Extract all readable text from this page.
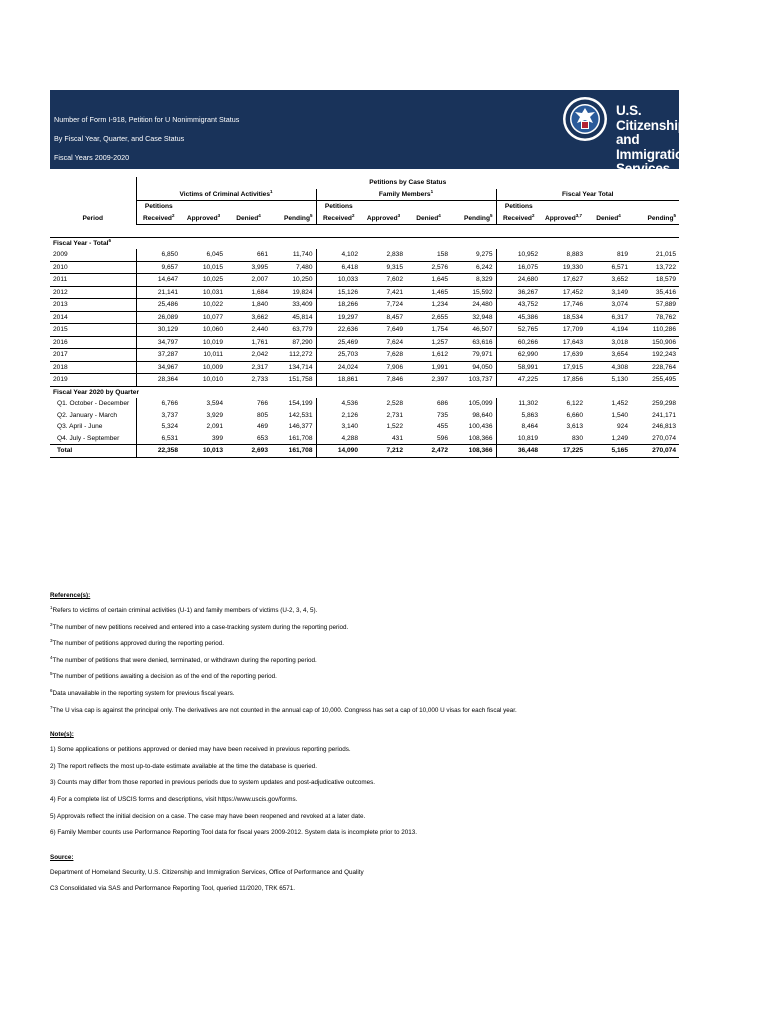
Number of Form I-918, Petition for U Nonimmigrant Status
By Fiscal Year, Quarter, and Case Status
Fiscal Years 2009-2020
U.S. Citizenship
and Immigration
Services
	Petitions by Case Status											
	Victims of Criminal Activities$^1$				Family Members$^1$				Fiscal Year Total			
	Petitions				Petitions				Petitions			
Period	Received$^2$	Approved$^3$	Denied$^4$	Pending$^5$	Received$^2$	Approved$^3$	Denied$^4$	Pending$^5$	Received$^2$	Approved$^{3,7}$	Denied$^4$	Pending$^5$

Fiscal Year - Total$^6$
2009	6,850	6,045	661	11,740	4,102	2,838	158	9,275	10,952	8,883	819	21,015
2010	9,657	10,015	3,995	7,480	6,418	9,315	2,576	6,242	16,075	19,330	6,571	13,722
2011	14,647	10,025	2,007	10,250	10,033	7,602	1,645	8,329	24,680	17,627	3,652	18,579
2012	21,141	10,031	1,684	19,824	15,126	7,421	1,465	15,592	36,267	17,452	3,149	35,416
2013	25,486	10,022	1,840	33,409	18,266	7,724	1,234	24,480	43,752	17,746	3,074	57,889
2014	26,089	10,077	3,662	45,814	19,297	8,457	2,655	32,948	45,386	18,534	6,317	78,762
2015	30,129	10,060	2,440	63,779	22,636	7,649	1,754	46,507	52,765	17,709	4,194	110,286
2016	34,797	10,019	1,761	87,290	25,469	7,624	1,257	63,616	60,266	17,643	3,018	150,906
2017	37,287	10,011	2,042	112,272	25,703	7,628	1,612	79,971	62,990	17,639	3,654	192,243
2018	34,967	10,009	2,317	134,714	24,024	7,906	1,991	94,050	58,991	17,915	4,308	228,764
2019	28,364	10,010	2,733	151,758	18,861	7,846	2,397	103,737	47,225	17,856	5,130	255,495
Fiscal Year 2020 by Quarter												
Q1. October - December	6,766	3,594	766	154,199	4,536	2,528	686	105,099	11,302	6,122	1,452	259,298
Q2. January - March	3,737	3,929	805	142,531	2,126	2,731	735	98,640	5,863	6,660	1,540	241,171
Q3. April - June	5,324	2,091	469	146,377	3,140	1,522	455	100,436	8,464	3,613	924	246,813
Q4. July - September	6,531	399	653	161,708	4,288	431	596	108,366	10,819	830	1,249	270,074
Total	22,358	10,013	2,693	161,708	14,090	7,212	2,472	108,366	36,448	17,225	5,165	270,074
Reference(s):
$^1$Refers to victims of certain criminal activities (U-1) and family members of victims (U-2, 3, 4, 5).
$^2$The number of new petitions received and entered into a case-tracking system during the reporting period.
$^3$The number of petitions approved during the reporting period.
$^4$The number of petitions that were denied, terminated, or withdrawn during the reporting period.
$^5$The number of petitions awaiting a decision as of the end of the reporting period.
$^6$Data unavailable in the reporting system for previous fiscal years.
$^7$The U visa cap is against the principal only. The derivatives are not counted in the annual cap of 10,000. Congress has set a cap of 10,000 U visas for each fiscal year.
Note(s):
1) Some applications or petitions approved or denied may have been received in previous reporting periods.
2) The report reflects the most up-to-date estimate available at the time the database is queried.
3) Counts may differ from those reported in previous periods due to system updates and post-adjudicative outcomes.
4) For a complete list of USCIS forms and descriptions, visit https://www.uscis.gov/forms.
5) Approvals reflect the initial decision on a case. The case may have been reopened and revoked at a later date.
6) Family Member counts use Performance Reporting Tool data for fiscal years 2009-2012. System data is incomplete prior to 2013.
Source:
Department of Homeland Security, U.S. Citizenship and Immigration Services, Office of Performance and Quality
C3 Consolidated via SAS and Performance Reporting Tool, queried 11/2020, TRK 6571.
